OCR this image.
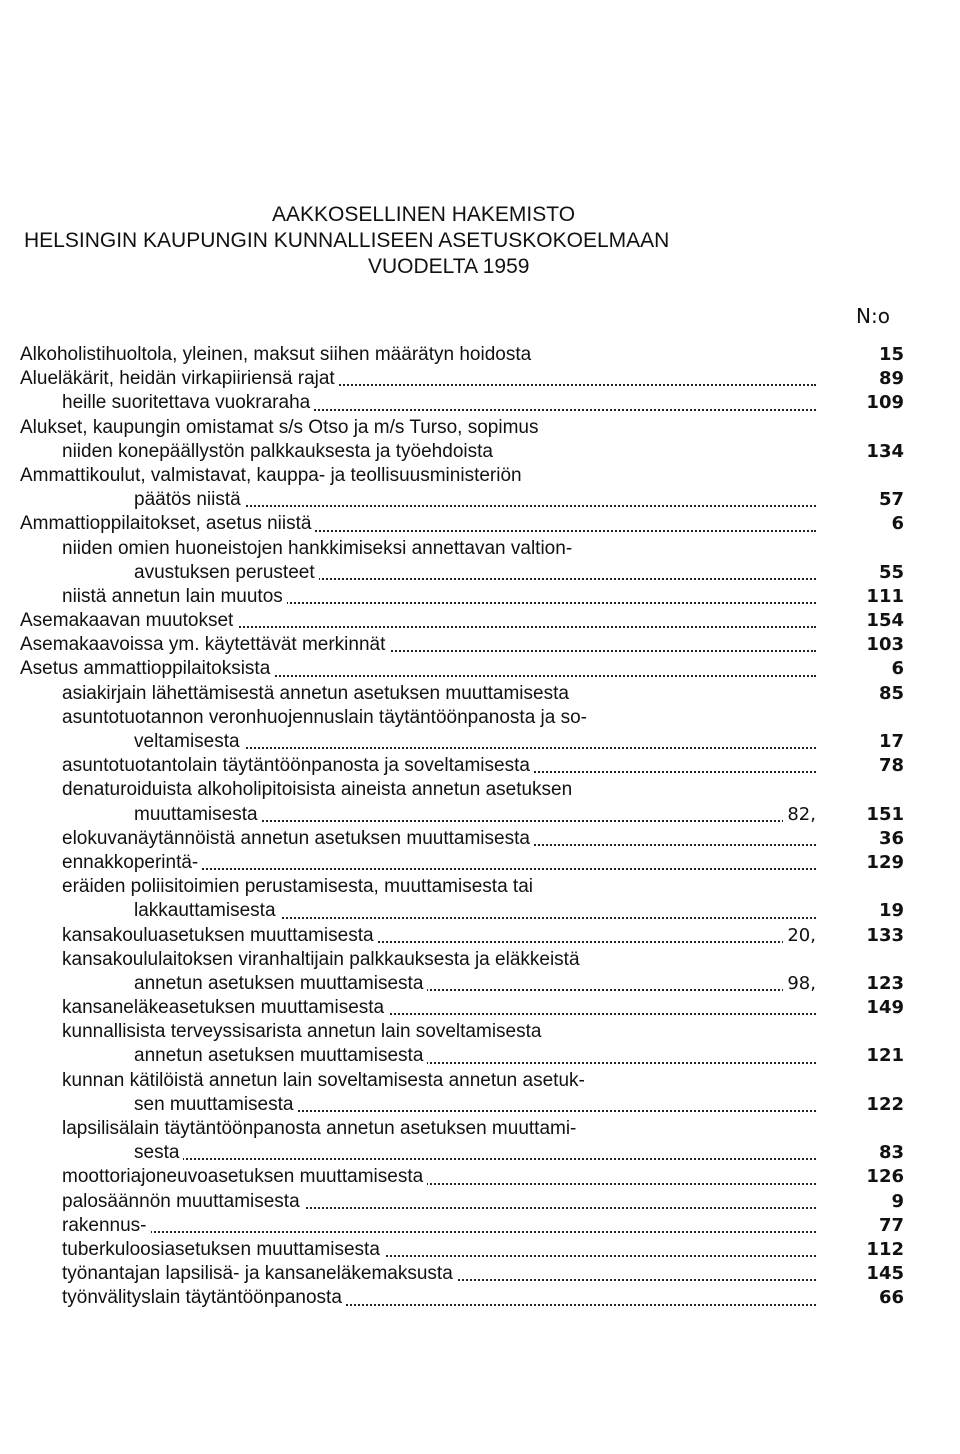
AAKKOSELLINEN HAKEMISTO
HELSINGIN KAUPUNGIN KUNNALLISEEN ASETUSKOKOELMAAN
VUODELTA 1959
N:o
Alkoholistihuoltola, yleinen, maksut siihen määrätyn hoidosta	15
Alueläkärit, heidän virkapiiriensä rajat	89
heille suoritettava vuokraraha	109
Alukset, kaupungin omistamat s/s Otso ja m/s Turso, sopimus
niiden konepäällystön palkkauksesta ja työehdoista	134
Ammattikoulut, valmistavat, kauppa- ja teollisuusministeriön
päätös niistä	57
Ammattioppilaitokset, asetus niistä	6
niiden omien huoneistojen hankkimiseksi annettavan valtion-
avustuksen perusteet	55
niistä annetun lain muutos	111
Asemakaavan muutokset	154
Asemakaavoissa ym. käytettävät merkinnät	103
Asetus ammattioppilaitoksista	6
asiakirjain lähettämisestä annetun asetuksen muuttamisesta	85
asuntotuotannon veronhuojennuslain täytäntöönpanosta ja so-
veltamisesta	17
asuntotuotantolain täytäntöönpanosta ja soveltamisesta	78
denaturoiduista alkoholipitoisista aineista annetun asetuksen
muuttamisesta	82,	151
elokuvanäytännöistä annetun asetuksen muuttamisesta	36
ennakkoperintä-	129
eräiden poliisitoimien perustamisesta, muuttamisesta tai
lakkauttamisesta	19
kansakouluasetuksen muuttamisesta	20,	133
kansakoululaitoksen viranhaltijain palkkauksesta ja eläkkeistä
annetun asetuksen muuttamisesta	98,	123
kansaneläkeasetuksen muuttamisesta	149
kunnallisista terveyssisarista annetun lain soveltamisesta
annetun asetuksen muuttamisesta	121
kunnan kätilöistä annetun lain soveltamisesta annetun asetuk-
sen muuttamisesta	122
lapsilisälain täytäntöönpanosta annetun asetuksen muuttami-
sesta	83
moottoriajoneuvoasetuksen muuttamisesta	126
palosäännön muuttamisesta	9
rakennus-	77
tuberkuloosiasetuksen muuttamisesta	112
työnantajan lapsilisä- ja kansaneläkemaksusta	145
työnvälityslain täytäntöönpanosta	66
